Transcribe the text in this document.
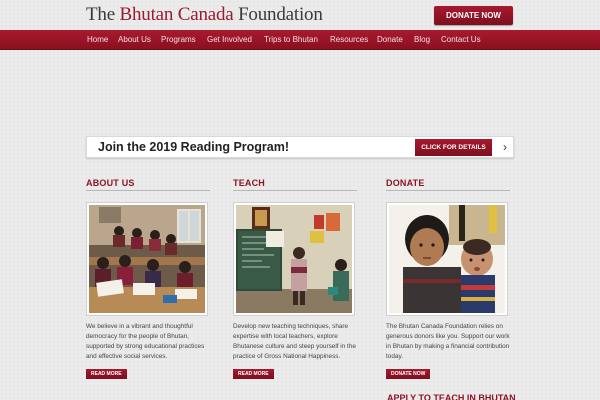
The Bhutan Canada Foundation	DONATE NOW
Home About Us Programs Get Involved Trips to Bhutan Resources Donate Blog Contact Us
Join the 2019 Reading Program!	CLICK FOR DETAILS	›
ABOUT US

We believe in a vibrant and thoughtful democracy for the people of Bhutan, supported by strong educational practices and effective social services.

READ MORE
TEACH

Develop new teaching techniques, share expertise with local teachers, explore Bhutanese culture and steep yourself in the practice of Gross National Happiness.

READ MORE
DONATE

The Bhutan Canada Foundation relies on generous donors like you. Support our work in Bhutan by making a financial contribution today.

DONATE NOW
APPLY TO TEACH IN BHUTAN
